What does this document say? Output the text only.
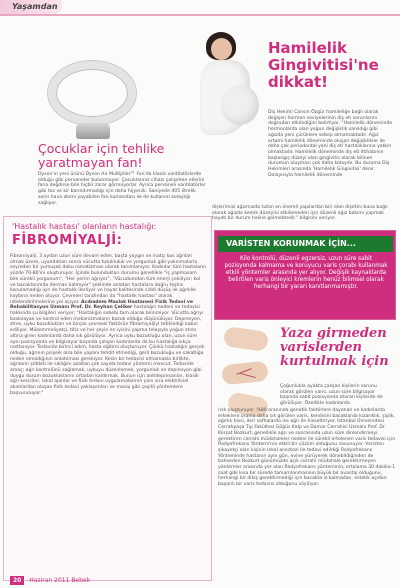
Yaşamdan
Çocuklar için tehlike yaratmayan fan!

Dyson'ın yeni ürünü Dyson Air Multiplier™ Fan'da klasik vantilatörlerde olduğu gibi pervaneler bulunmuyor. Çocuklarınız cihazı çalışırken ellerini fana değdirse bile hiçbir zarar görmüyorlar. Ayrıca pervanelı vantilatörler gibi toz ve kir barındırmadığı için daha hijyenik. Saniyede 405 litrelik serin hava akımı yayabilen fan kumandası ile de kullanım kolaylığı sağlıyor.

Hamilelik Gingivitisi'ne dikkat!

Diş Hekimi Cansın Özgür hamileliğe bağlı olarak değişen hormon seviyelerinin diş eti sorunlarını doğrudan etkilediğini belirtiyor. "Hamilelik döneminde hormonlarda olan yoğun değişiklik sanıldığı gibi ağızda yeni çürüklere sebep olmamaktadır. Ağız ortamı hamilelik döneminde oluşan değişiklikler ile daha çok periodontal yani diş eti hastalıklarına yatkın olmaktadır. Hamilelik döneminde diş eti iltihabının başlangıç düzeyi olan gingivitis olarak bilinen durumun oluşması çok daha kolaydır. Bu duruma Diş Hekimleri arasında 'Hamilelik Gingivitisi' denir. Dolayısıyla hamilelik döneminde

dişlerimizi ağzımızda tutan en önemli yapılardan biri olan dişetini buna bağlı olarak ağızda kemik düzeyini etkilemeden için düzenli ağız bakımı yapmak hayati bir durum haline gelmektedir." bilgisini veriyor.

'Hastalık hastası' olanların hastalığı:
FİBROMİYALJİ:
Fibromiyalji, 3 aydan uzun süre devam eden, başta yaygın ve inatçı kas ağrıları olmak üzere, uyandıktan sonra vücutta tutukluluk ve yorgunluk gibi yakınmalarla seyreden bir yumuşak doku romatizması olarak tanımlanıyor. Kadınlar tüm hastaların yüzde 70-80'ini oluşturuyor. İçinde bulundukları durumu genellikle "iş yapmasam bile sürekli yorgunum", "Her yerim ağrıyor", "Vücudumdan tüm enerji çekiliyor; kol ve bacaklarımda derman kalmıyor" şeklinde anlatan hastalara doğru teşhis konulamadığı için de hastalık ilerliyor ve hayat kalitesinde ciddi düşüş ile ağrılılık kaybına neden oluyor. Çevreleri tarafından da "hastalık hastası" olarak nitelendirilmelerine yol açıyor. Acıbadem Maslak Hastanesi Fizik Tedavi ve Rehabilitasyon Uzmanı Prof. Dr. Reyhan Çeliker hastalığın nedeni ve tedavisi hakkında şu bilgileri veriyor: "Hastalığın sebebi tam olarak bilinmiyor. Vücutta ağrıyı baskılayan ve kontrol eden mekanizmaların bozuk olduğu düşünülüyor. Depresyon, stres, uyku bozuklukları ve birçok çevresel faktörün fibromiyaljiyi tetiklediği kabul ediliyor. Mükemmeliyetçi, titiz ve her şeyin en iyisini yapma telaşıyla yoğun stres altına giren kadınlarda daha sık görülüyor. Ayrıca uyku bozukluğu olan, uzun süre aynı pozisyonda ve bilgisayar başında çalışan kadınlarda da bu hastalığa sıkça rastlanıyor. Tedavide birinci adım, hasta eğitimi oluşturuyor. Çünkü hastalığın gerçek olduğu, ağrının psişeik olsa bile yapanı tehdit etmediği, geril bozukluğu ve sakatlığa neden olmadığının anlatılması gerekiyor. Kesin bir tedavisi olmamakla birlikte, ağrıların şiddeti ile sıklığını azaltan çok sayıda tedavi yöntemi mevcut. Tedavide amaç; ağrı kontrolünü sağlamak, uykuyu düzenlemek, yorgunluk ve depresyon gibi duygu durum bozukluklarını ortadan kaldırmak. Bunun için antidepresanlar, klasik ağrı kesiciler, lokal ajanlar ve fizik tedavi uygulamalarının yanı sıra elektriksel akımlardan oluşan fizik tedavi yaklaşımları ve masaj gibi çeşitli yöntemlere başvuruluyor."
VARİSTEN KORUNMAK İÇİN...

Kilo kontrolü, düzenli egzersiz, uzun süre sabit pozisyonda kalmama ve koruyucu varis çorabı kullanmak etkili yöntemler arasında yer alıyor. Değişik kaynaklarda belirtilen varis önleyici kremlerin henüz bilimsel olarak herhangi bir yararı kanıtlanmamıştır.

Yaza girmeden varislerden kurtulmak için

Çoğunlukla ayakta çalışan kişilerin sorunu olarak görülen varis, uzun süre bilgisayar başında sabit pozisyonda oturan kişilerde de görülüyor. Özellikle kadınlarda

risk oluşturuyor. %80 oranında genetik faktörlere dayanan ve kadınlarda erkeklere oranla daha sık görülen varis, kendisini bacaklarda kızarıklık, şişlik, ağırlık hissi, ileri safhalarda ise ağrı ile hissettiriyor. İstanbul Üniversitesi Cerrahpaşa Tıp Fakültesi Göğüs Kalp ve Damar Cerrahisi Uzmanı Prof. Dr. Korşat Bozkurt, genellikle ağrı ve sonrasında uzun süre dinlendirmeyi gerektiren cerrahi müdahaleler nedeni ile sürekli ertelenen varis tedavisi için Radyofrekans Yöntemi'nin etkili bir çözüm olduğunu savunuyor. Varisten şikayetçi olan kişinin lokal anestezi ile tedavi edildiği Radyofrekans Yönteminde hastanın aynı gün, evine yürüyerek dönebildiğinden de bahseden Bozkurt günümüzde açık cerrahi müdahale gerektirmeyen yöntemler arasında yer alan Radyofrekans yönteminin, ortalama 30 dakika-1 saat gibi kısa bir sürede tamamlanmasının büyük bir avantaj olduğunu, herhangi bir dikiş gerektirmediği için bacakta iz kalmadan, estetik açıdan başarılı bir varis tedavisi olduğunu söylüyor.

20 Haziran 2011 Bebek
